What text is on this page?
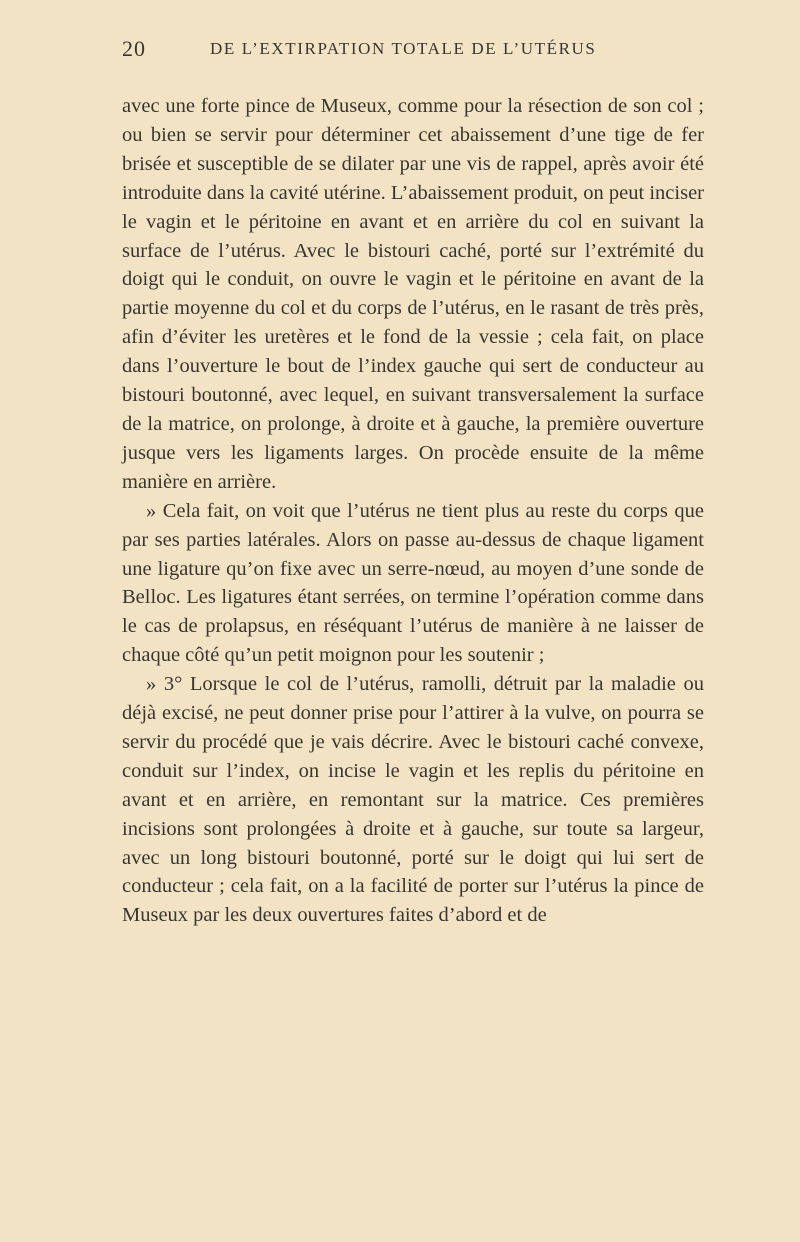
20	DE L’EXTIRPATION TOTALE DE L’UTÉRUS

avec une forte pince de Museux, comme pour la résection de son col ; ou bien se servir pour déterminer cet abaissement d’une tige de fer brisée et susceptible de se dilater par une vis de rappel, après avoir été introduite dans la cavité utérine. L’abaissement produit, on peut inciser le vagin et le péritoine en avant et en arrière du col en suivant la surface de l’utérus. Avec le bistouri caché, porté sur l’extrémité du doigt qui le conduit, on ouvre le vagin et le péritoine en avant de la partie moyenne du col et du corps de l’utérus, en le rasant de très près, afin d’éviter les uretères et le fond de la vessie ; cela fait, on place dans l’ouverture le bout de l’index gauche qui sert de conducteur au bistouri boutonné, avec lequel, en suivant transversalement la surface de la matrice, on prolonge, à droite et à gauche, la première ouverture jusque vers les ligaments larges. On procède ensuite de la même manière en arrière.

» Cela fait, on voit que l’utérus ne tient plus au reste du corps que par ses parties latérales. Alors on passe au-dessus de chaque ligament une ligature qu’on fixe avec un serre-nœud, au moyen d’une sonde de Belloc. Les ligatures étant serrées, on termine l’opération comme dans le cas de prolapsus, en réséquant l’utérus de manière à ne laisser de chaque côté qu’un petit moignon pour les soutenir ;

» 3° Lorsque le col de l’utérus, ramolli, détruit par la maladie ou déjà excisé, ne peut donner prise pour l’attirer à la vulve, on pourra se servir du procédé que je vais décrire. Avec le bistouri caché convexe, conduit sur l’index, on incise le vagin et les replis du péritoine en avant et en arrière, en remontant sur la matrice. Ces premières incisions sont prolongées à droite et à gauche, sur toute sa largeur, avec un long bistouri boutonné, porté sur le doigt qui lui sert de conducteur ; cela fait, on a la facilité de porter sur l’utérus la pince de Museux par les deux ouvertures faites d’abord et de
